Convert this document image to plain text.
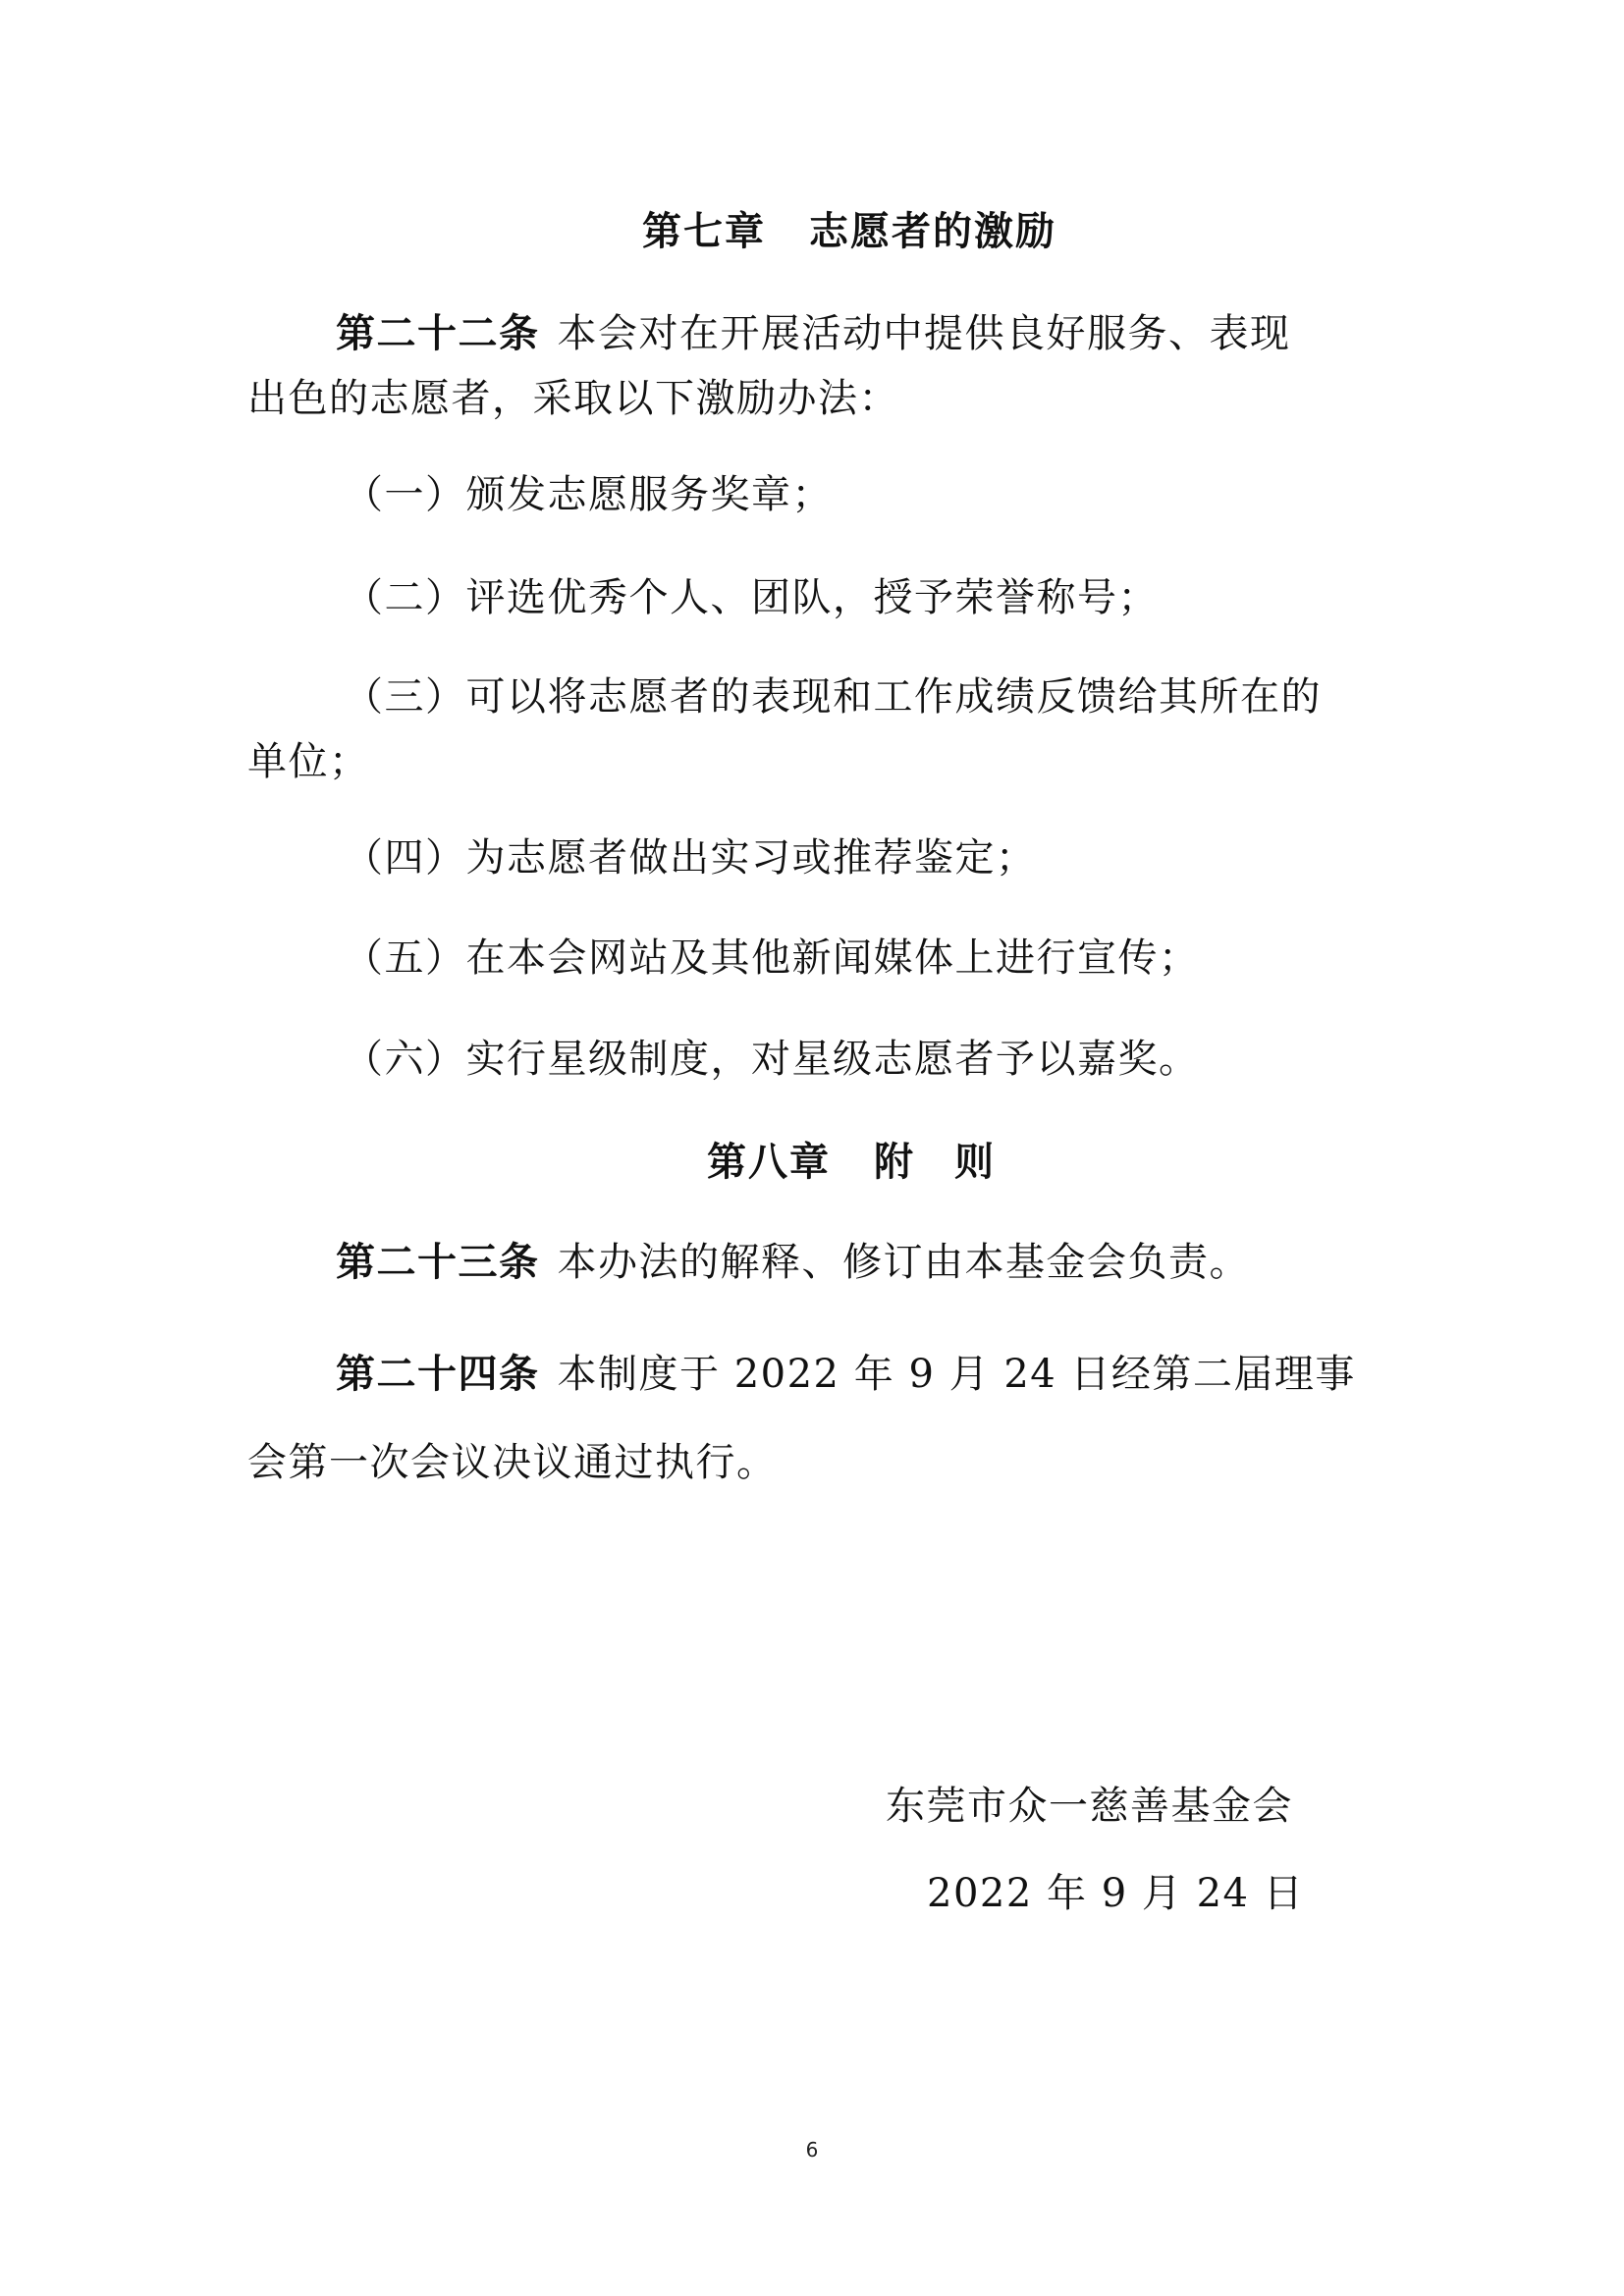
第七章 志愿者的激励
第二十二条 本会对在开展活动中提供良好服务、表现
出色的志愿者，采取以下激励办法：
（一）颁发志愿服务奖章；
（二）评选优秀个人、团队，授予荣誉称号；
（三）可以将志愿者的表现和工作成绩反馈给其所在的
单位；
（四）为志愿者做出实习或推荐鉴定；
（五）在本会网站及其他新闻媒体上进行宣传；
（六）实行星级制度，对星级志愿者予以嘉奖。
第八章 附 则
第二十三条 本办法的解释、修订由本基金会负责。
第二十四条 本制度于 2022 年 9 月 24 日经第二届理事
会第一次会议决议通过执行。
东莞市众一慈善基金会
2022 年 9 月 24 日
6
